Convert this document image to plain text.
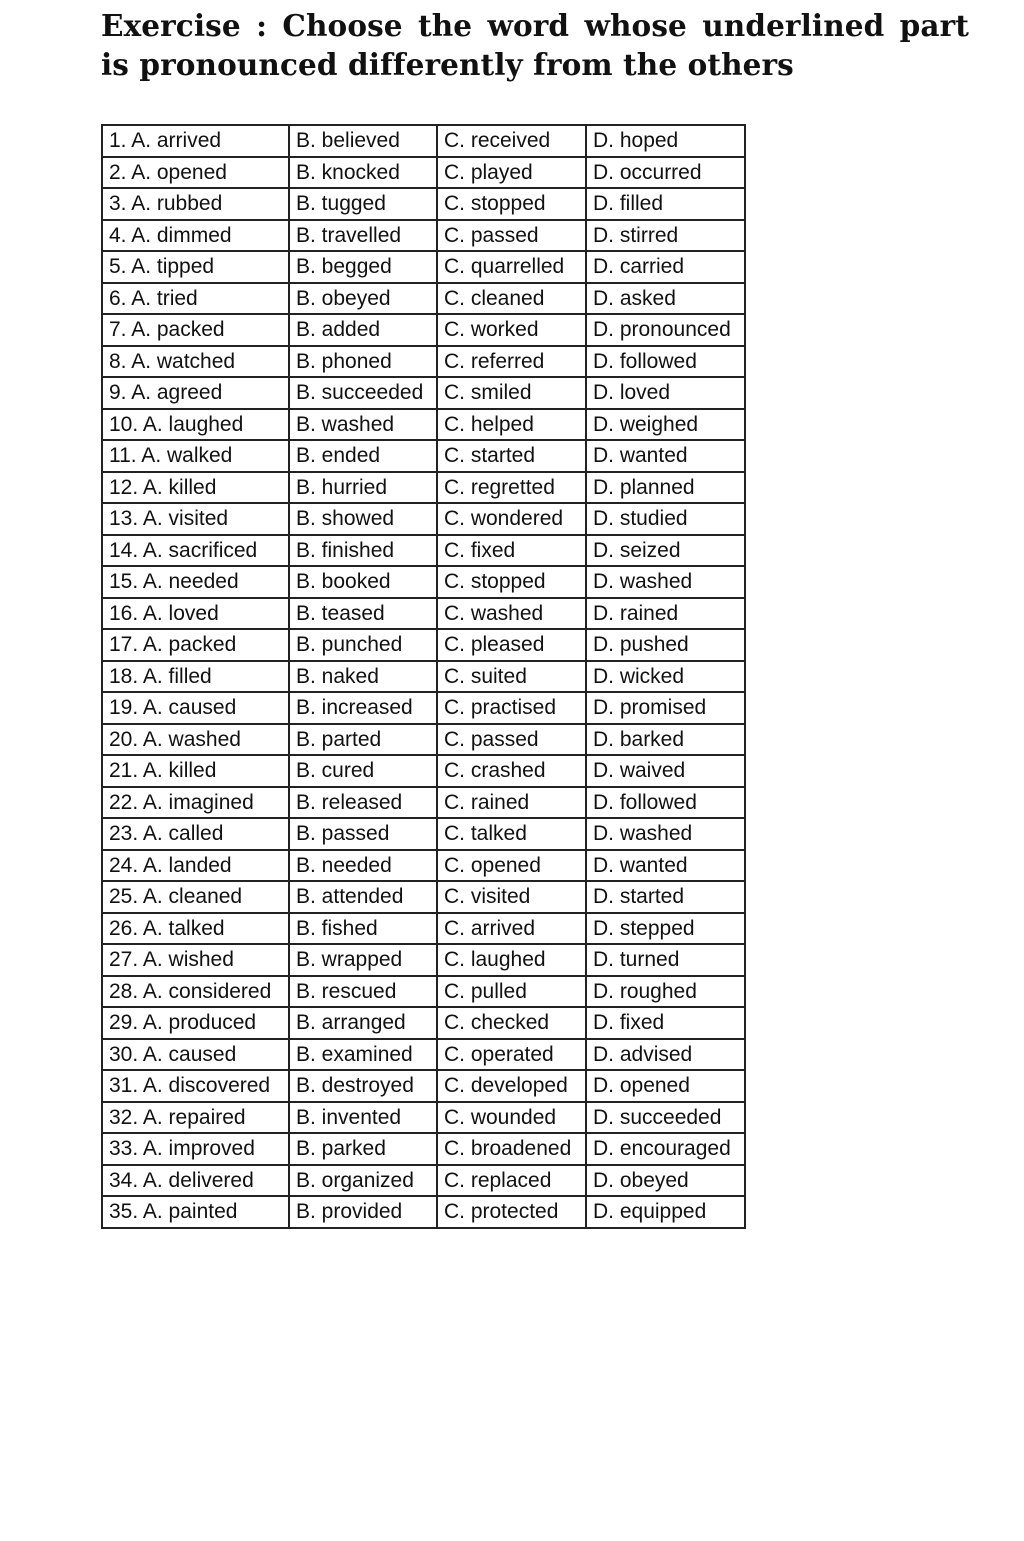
Exercise : Choose the word whose underlined part is pronounced differently from the others
1. A. arrived	B. believed	C. received	D. hoped
2. A. opened	B. knocked	C. played	D. occurred
3. A. rubbed	B. tugged	C. stopped	D. filled
4. A. dimmed	B. travelled	C. passed	D. stirred
5. A. tipped	B. begged	C. quarrelled	D. carried
6. A. tried	B. obeyed	C. cleaned	D. asked
7. A. packed	B. added	C. worked	D. pronounced
8. A. watched	B. phoned	C. referred	D. followed
9. A. agreed	B. succeeded	C. smiled	D. loved
10. A. laughed	B. washed	C. helped	D. weighed
11. A. walked	B. ended	C. started	D. wanted
12. A. killed	B. hurried	C. regretted	D. planned
13. A. visited	B. showed	C. wondered	D. studied
14. A. sacrificed	B. finished	C. fixed	D. seized
15. A. needed	B. booked	C. stopped	D. washed
16. A. loved	B. teased	C. washed	D. rained
17. A. packed	B. punched	C. pleased	D. pushed
18. A. filled	B. naked	C. suited	D. wicked
19. A. caused	B. increased	C. practised	D. promised
20. A. washed	B. parted	C. passed	D. barked
21. A. killed	B. cured	C. crashed	D. waived
22. A. imagined	B. released	C. rained	D. followed
23. A. called	B. passed	C. talked	D. washed
24. A. landed	B. needed	C. opened	D. wanted
25. A. cleaned	B. attended	C. visited	D. started
26. A. talked	B. fished	C. arrived	D. stepped
27. A. wished	B. wrapped	C. laughed	D. turned
28. A. considered	B. rescued	C. pulled	D. roughed
29. A. produced	B. arranged	C. checked	D. fixed
30. A. caused	B. examined	C. operated	D. advised
31. A. discovered	B. destroyed	C. developed	D. opened
32. A. repaired	B. invented	C. wounded	D. succeeded
33. A. improved	B. parked	C. broadened	D. encouraged
34. A. delivered	B. organized	C. replaced	D. obeyed
35. A. painted	B. provided	C. protected	D. equipped
